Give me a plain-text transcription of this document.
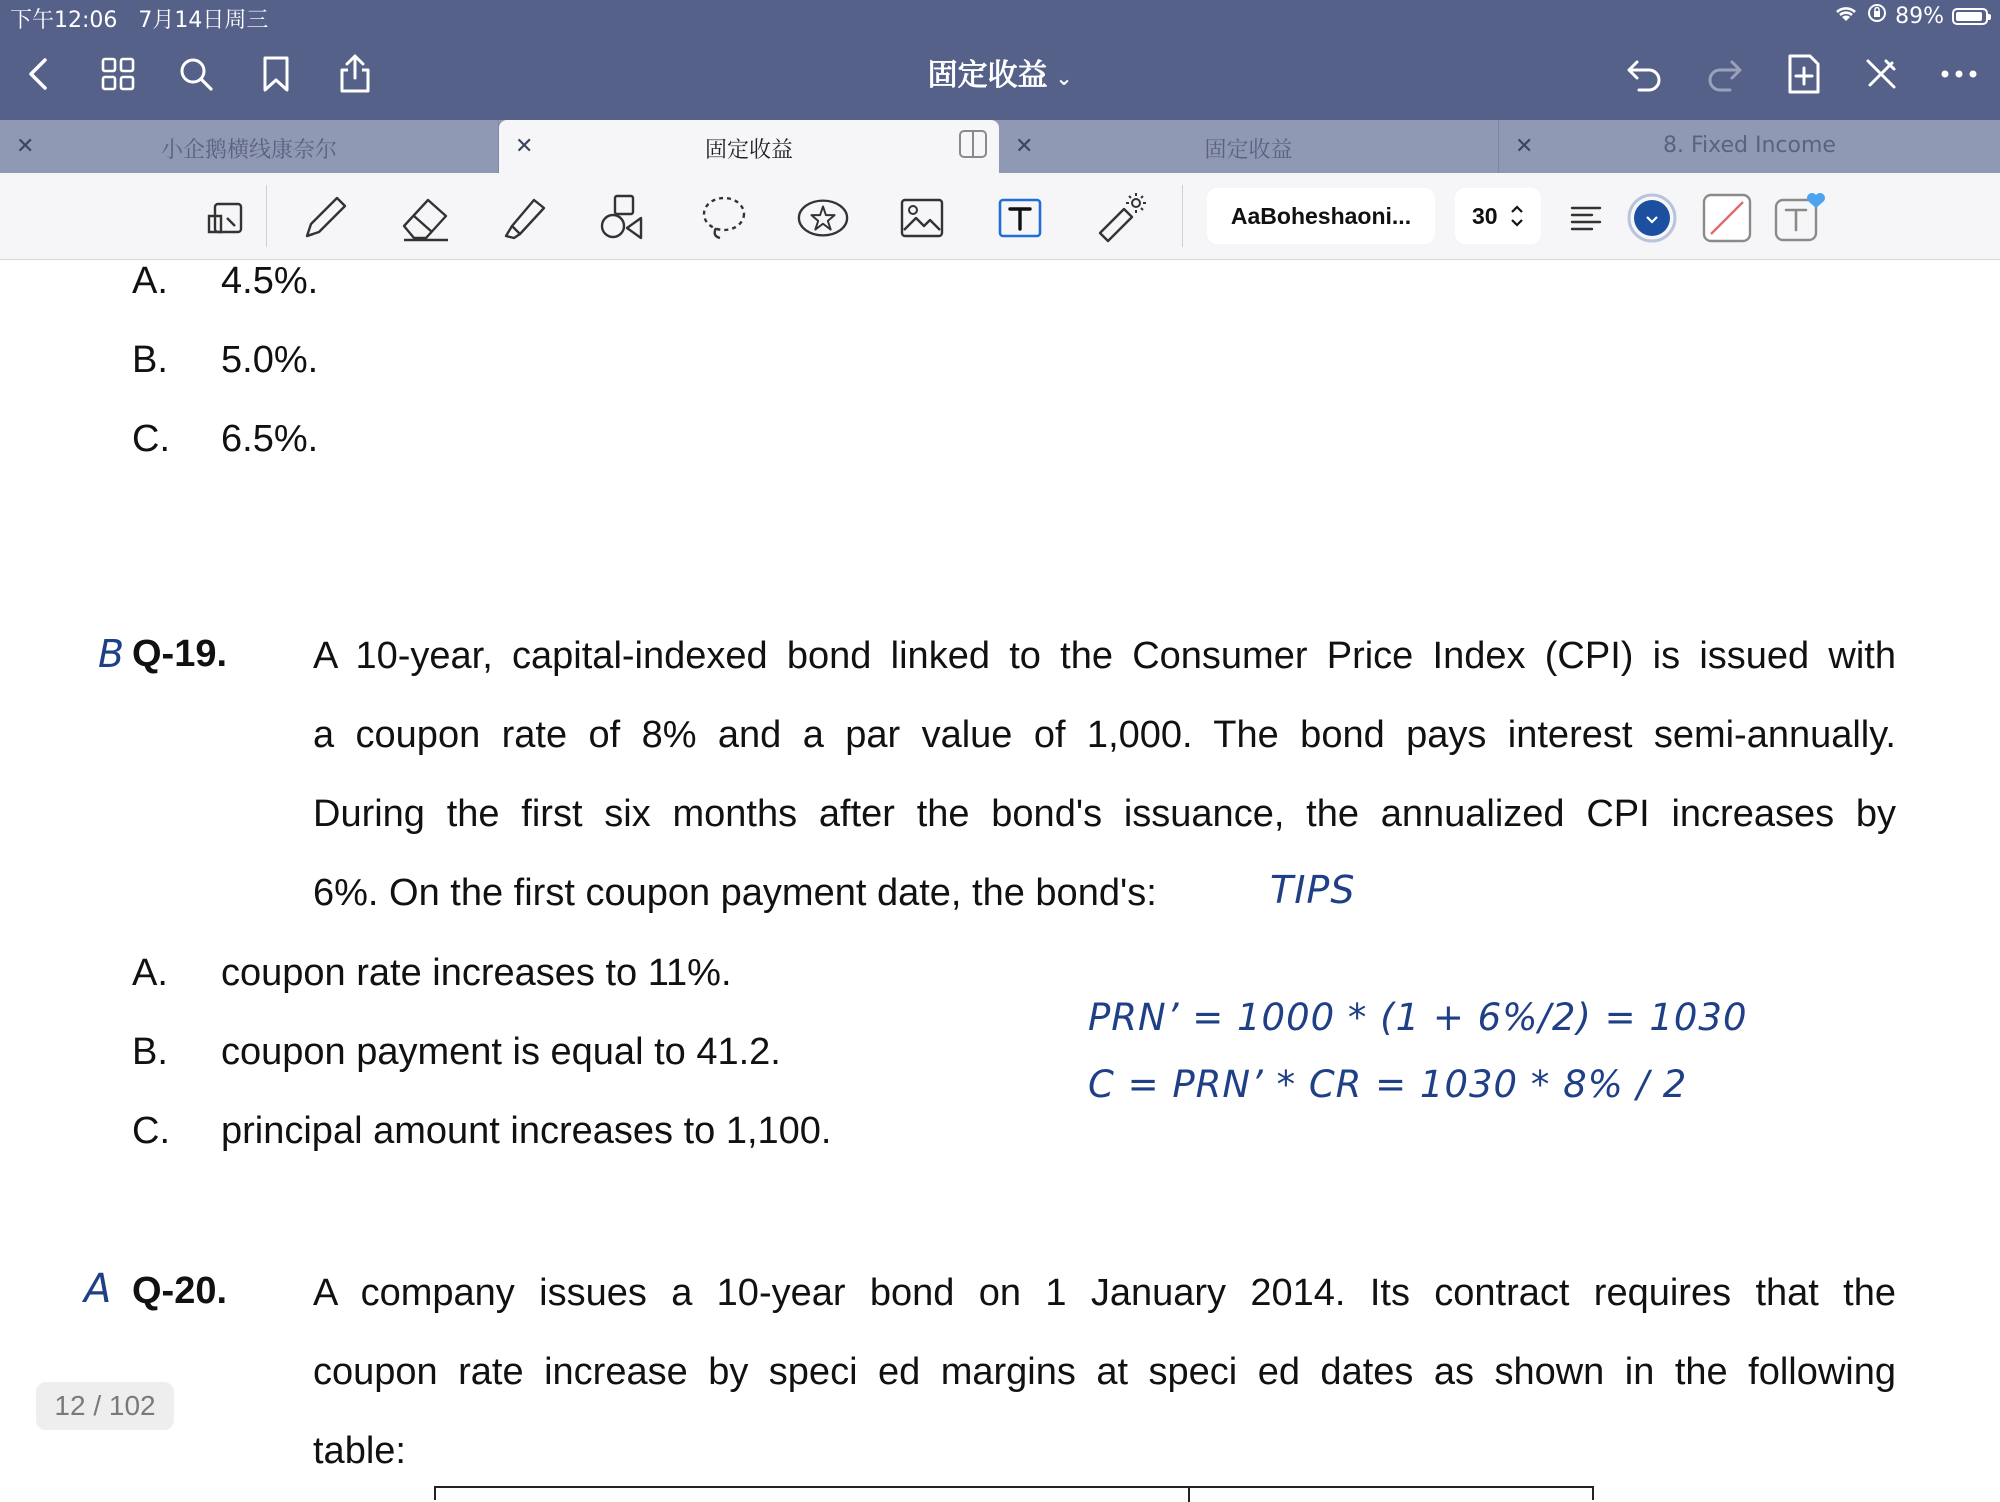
下午12:06 7月14日周三	89%
固定收益 ⌄
✕	小企鹅横线康奈尔	✕	固定收益	✕	固定收益	✕	8. Fixed Income
AaBoheshaoni...	30
A. 4.5%.
B. 5.0%.
C. 6.5%.
B Q-19. A 10-year, capital-indexed bond linked to the Consumer Price Index (CPI) is issued with
a coupon rate of 8% and a par value of 1,000. The bond pays interest semi-annually.
During the first six months after the bond's issuance, the annualized CPI increases by
6%. On the first coupon payment date, the bond's:	TIPS
A. coupon rate increases to 11%.
B. coupon payment is equal to 41.2.
C. principal amount increases to 1,100.
PRN’ = 1000 * (1 + 6%/2) = 1030
C = PRN’ * CR = 1030 * 8% / 2
A Q-20. A company issues a 10-year bond on 1 January 2014. Its contract requires that the
coupon rate increase by speci ed margins at speci ed dates as shown in the following
table:
12 / 102
